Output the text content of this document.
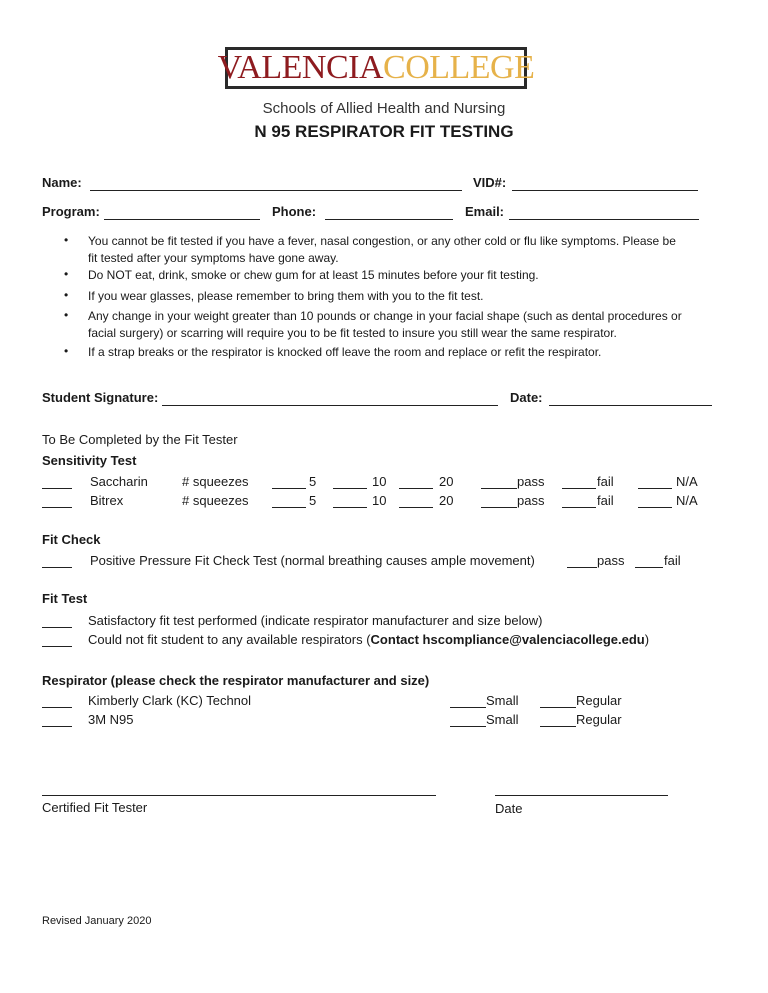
VALENCIA COLLEGE
Schools of Allied Health and Nursing
N 95 RESPIRATOR FIT TESTING
Name:	VID#:
Program:	Phone:	Email:
• You cannot be fit tested if you have a fever, nasal congestion, or any other cold or flu like symptoms. Please be
fit tested after your symptoms have gone away.
• Do NOT eat, drink, smoke or chew gum for at least 15 minutes before your fit testing.
• If you wear glasses, please remember to bring them with you to the fit test.
• Any change in your weight greater than 10 pounds or change in your facial shape (such as dental procedures or
facial surgery) or scarring will require you to be fit tested to insure you still wear the same respirator.
• If a strap breaks or the respirator is knocked off leave the room and replace or refit the respirator.
Student Signature:	Date:
To Be Completed by the Fit Tester
Sensitivity Test
Saccharin	# squeezes	5	10	20	pass	fail	N/A
Bitrex	# squeezes	5	10	20	pass	fail	N/A
Fit Check
Positive Pressure Fit Check Test (normal breathing causes ample movement)	pass	fail
Fit Test
Satisfactory fit test performed (indicate respirator manufacturer and size below)
Could not fit student to any available respirators (Contact hscompliance@valenciacollege.edu)
Respirator (please check the respirator manufacturer and size)
Kimberly Clark (KC) Technol	Small	Regular
3M N95	Small	Regular
Certified Fit Tester	Date
Revised January 2020
